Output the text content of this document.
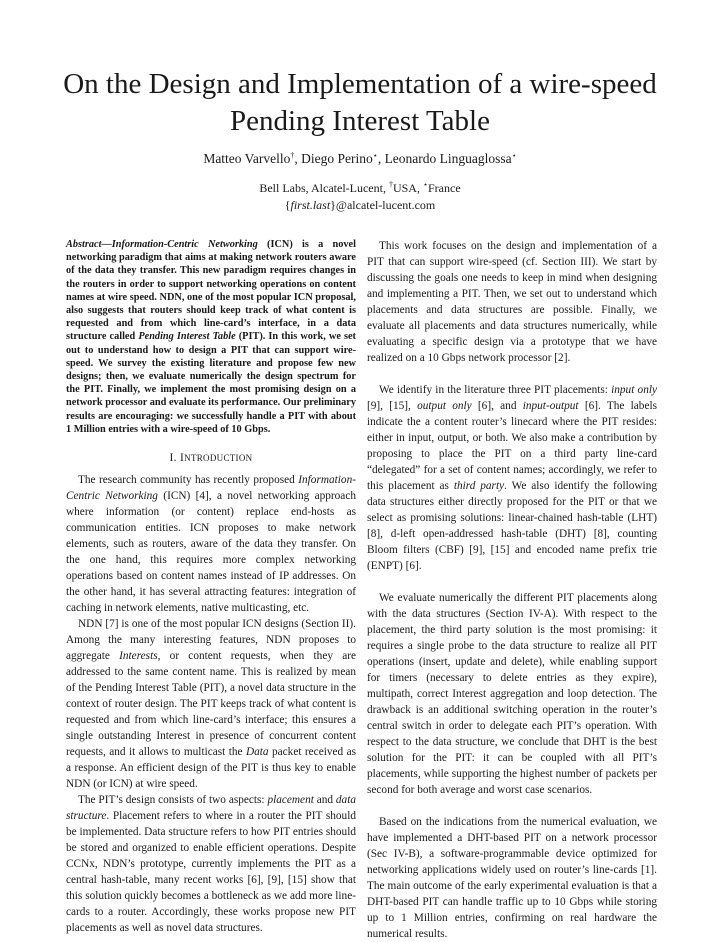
On the Design and Implementation of a wire-speed Pending Interest Table
Matteo Varvello†, Diego Perino⋆, Leonardo Linguaglossa⋆
Bell Labs, Alcatel-Lucent, †USA, ⋆France
{first.last}@alcatel-lucent.com

Abstract—Information-Centric Networking (ICN) is a novel networking paradigm that aims at making network routers aware of the data they transfer. This new paradigm requires changes in the routers in order to support networking operations on content names at wire speed. NDN, one of the most popular ICN proposal, also suggests that routers should keep track of what content is requested and from which line-card’s interface, in a data structure called Pending Interest Table (PIT). In this work, we set out to understand how to design a PIT that can support wire-speed. We survey the existing literature and propose few new designs; then, we evaluate numerically the design spectrum for the PIT. Finally, we implement the most promising design on a network processor and evaluate its performance. Our preliminary results are encouraging: we successfully handle a PIT with about 1 Million entries with a wire-speed of 10 Gbps.

I. INTRODUCTION

The research community has recently proposed Information-Centric Networking (ICN) [4], a novel networking approach where information (or content) replace end-hosts as communication entities. ICN proposes to make network elements, such as routers, aware of the data they transfer. On the one hand, this requires more complex networking operations based on content names instead of IP addresses. On the other hand, it has several attracting features: integration of caching in network elements, native multicasting, etc.

NDN [7] is one of the most popular ICN designs (Section II). Among the many interesting features, NDN proposes to aggregate Interests, or content requests, when they are addressed to the same content name. This is realized by mean of the Pending Interest Table (PIT), a novel data structure in the context of router design. The PIT keeps track of what content is requested and from which line-card’s interface; this ensures a single outstanding Interest in presence of concurrent content requests, and it allows to multicast the Data packet received as a response. An efficient design of the PIT is thus key to enable NDN (or ICN) at wire speed.

The PIT’s design consists of two aspects: placement and data structure. Placement refers to where in a router the PIT should be implemented. Data structure refers to how PIT entries should be stored and organized to enable efficient operations. Despite CCNx, NDN’s prototype, currently implements the PIT as a central hash-table, many recent works [6], [9], [15] show that this solution quickly becomes a bottleneck as we add more line-cards to a router. Accordingly, these works propose new PIT placements as well as novel data structures.

This work focuses on the design and implementation of a PIT that can support wire-speed (cf. Section III). We start by discussing the goals one needs to keep in mind when designing and implementing a PIT. Then, we set out to understand which placements and data structures are possible. Finally, we evaluate all placements and data structures numerically, while evaluating a specific design via a prototype that we have realized on a 10 Gbps network processor [2].

We identify in the literature three PIT placements: input only [9], [15], output only [6], and input-output [6]. The labels indicate the a content router’s linecard where the PIT resides: either in input, output, or both. We also make a contribution by proposing to place the PIT on a third party line-card “delegated” for a set of content names; accordingly, we refer to this placement as third party. We also identify the following data structures either directly proposed for the PIT or that we select as promising solutions: linear-chained hash-table (LHT) [8], d-left open-addressed hash-table (DHT) [8], counting Bloom filters (CBF) [9], [15] and encoded name prefix trie (ENPT) [6].

We evaluate numerically the different PIT placements along with the data structures (Section IV-A). With respect to the placement, the third party solution is the most promising: it requires a single probe to the data structure to realize all PIT operations (insert, update and delete), while enabling support for timers (necessary to delete entries as they expire), multipath, correct Interest aggregation and loop detection. The drawback is an additional switching operation in the router’s central switch in order to delegate each PIT’s operation. With respect to the data structure, we conclude that DHT is the best solution for the PIT: it can be coupled with all PIT’s placements, while supporting the highest number of packets per second for both average and worst case scenarios.

Based on the indications from the numerical evaluation, we have implemented a DHT-based PIT on a network processor (Sec IV-B), a software-programmable device optimized for networking applications widely used on router’s line-cards [1]. The main outcome of the early experimental evaluation is that a DHT-based PIT can handle traffic up to 10 Gbps while storing up to 1 Million entries, confirming on real hardware the numerical results.
